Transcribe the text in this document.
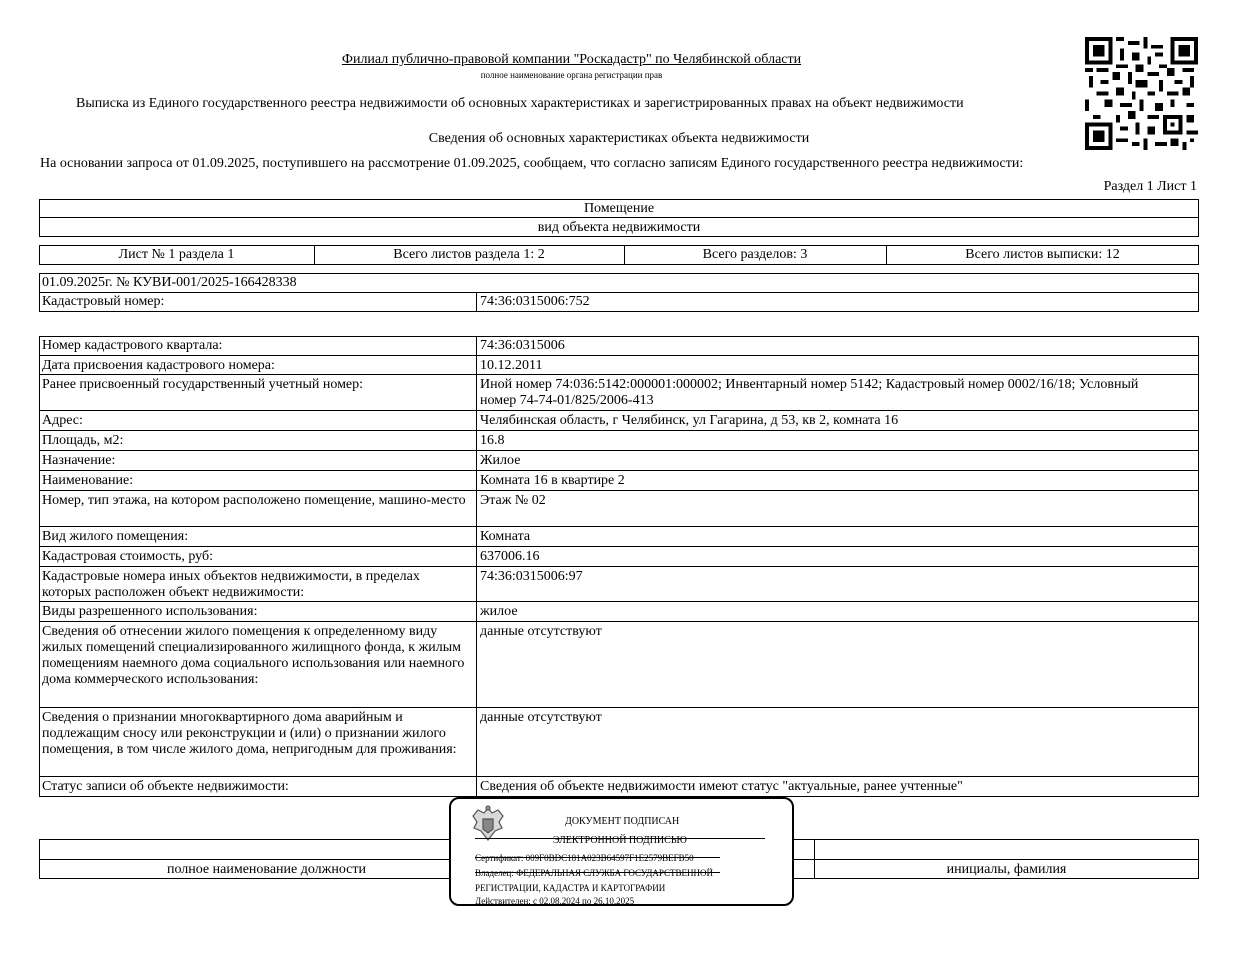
Филиал публично-правовой компании "Роскадастр" по Челябинской области
полное наименование органа регистрации прав
Выписка из Единого государственного реестра недвижимости об основных характеристиках и зарегистрированных правах на объект недвижимости
Сведения об основных характеристиках объекта недвижимости
На основании запроса от 01.09.2025, поступившего на рассмотрение 01.09.2025, сообщаем, что согласно записям Единого государственного реестра недвижимости:
Раздел 1 Лист 1
Помещение
вид объекта недвижимости
Лист № 1 раздела 1	Всего листов раздела 1: 2	Всего разделов: 3	Всего листов выписки: 12
01.09.2025г. № КУВИ-001/2025-166428338
Кадастровый номер:	74:36:0315006:752
Номер кадастрового квартала:	74:36:0315006
Дата присвоения кадастрового номера:	10.12.2011
Ранее присвоенный государственный учетный номер:	Иной номер 74:036:5142:000001:000002; Инвентарный номер 5142; Кадастровый номер 0002/16/18; Условный номер 74-74-01/825/2006-413
Адрес:	Челябинская область, г Челябинск, ул Гагарина, д 53, кв 2, комната 16
Площадь, м2:	16.8
Назначение:	Жилое
Наименование:	Комната 16 в квартире 2
Номер, тип этажа, на котором расположено помещение, машино-место	Этаж № 02
Вид жилого помещения:	Комната
Кадастровая стоимость, руб:	637006.16
Кадастровые номера иных объектов недвижимости, в пределах которых расположен объект недвижимости:
74:36:0315006:97
Виды разрешенного использования:	жилое
Сведения об отнесении жилого помещения к определенному виду жилых помещений специализированного жилищного фонда, к жилым помещениям наемного дома социального использования или наемного дома коммерческого использования:
данные отсутствуют
Сведения о признании многоквартирного дома аварийным и подлежащим сносу или реконструкции и (или) о признании жилого помещения, в том числе жилого дома, непригодным для проживания:
данные отсутствуют
Статус записи об объекте недвижимости:	Сведения об объекте недвижимости имеют статус "актуальные, ранее учтенные"
полное наименование должности	инициалы, фамилия
ДОКУМЕНТ ПОДПИСАН
ЭЛЕКТРОННОЙ ПОДПИСЬЮ
Сертификат: 009F0BDC181A023B64597F1E2579BEFB50
Владелец: ФЕДЕРАЛЬНАЯ СЛУЖБА ГОСУДАРСТВЕННОЙ
РЕГИСТРАЦИИ, КАДАСТРА И КАРТОГРАФИИ
Действителен: с 02.08.2024 по 26.10.2025
